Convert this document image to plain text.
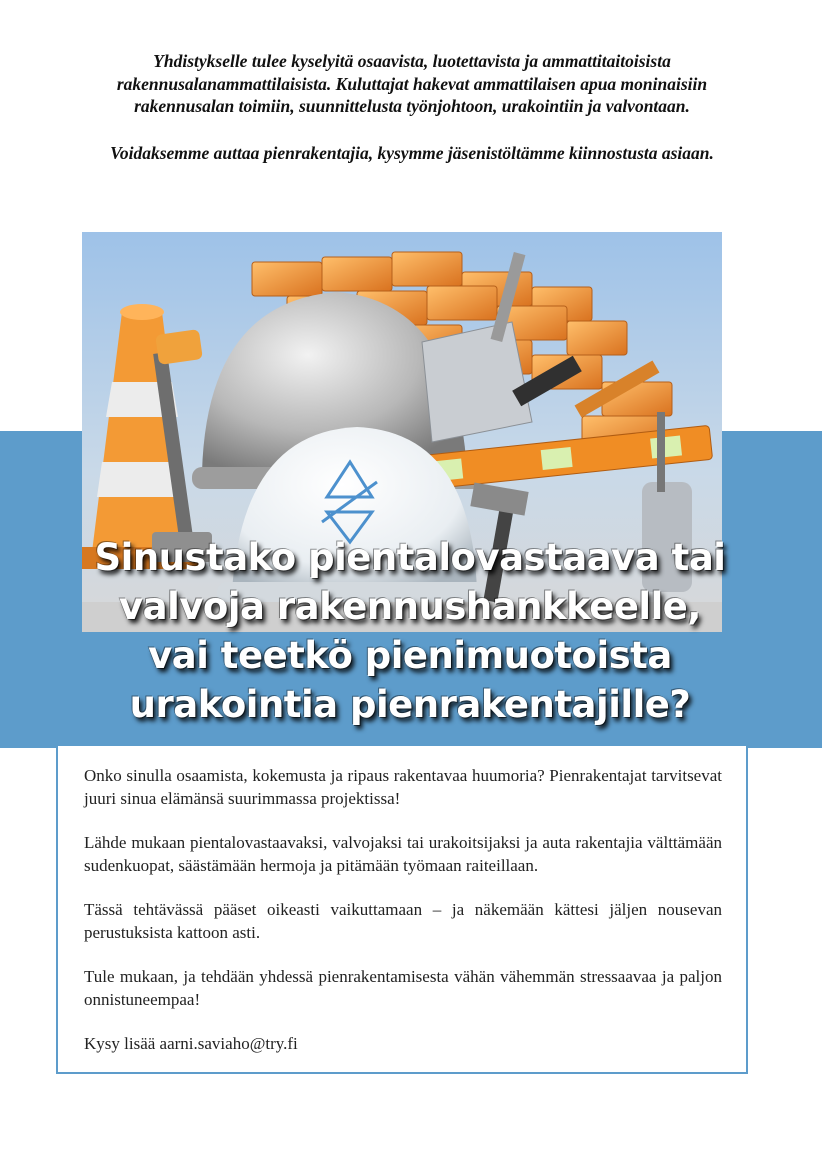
Yhdistykselle tulee kyselyitä osaavista, luotettavista ja ammattitaitoisista rakennusalanammattilaisista. Kuluttajat hakevat ammattilaisen apua moninaisiin rakennusalan toimiin, suunnittelusta työnjohtoon, urakointiin ja valvontaan.

Voidaksemme auttaa pienrakentajia, kysymme jäsenistöltämme kiinnostusta asiaan.

Sinustako pientalovastaava tai
valvoja rakennushankkeelle,
vai teetkö pienimuotoista
urakointia pienrakentajille?

Onko sinulla osaamista, kokemusta ja ripaus rakentavaa huumoria? Pienrakentajat tarvitsevat juuri sinua elämänsä suurimmassa projektissa!

Lähde mukaan pientalovastaavaksi, valvojaksi tai urakoitsijaksi ja auta rakentajia välttämään sudenkuopat, säästämään hermoja ja pitämään työmaan raiteillaan.

Tässä tehtävässä pääset oikeasti vaikuttamaan – ja näkemään kättesi jäljen nousevan perustuksista kattoon asti.

Tule mukaan, ja tehdään yhdessä pienrakentamisesta vähän vähemmän stressaavaa ja paljon onnistuneempaa!

Kysy lisää aarni.saviaho@try.fi
